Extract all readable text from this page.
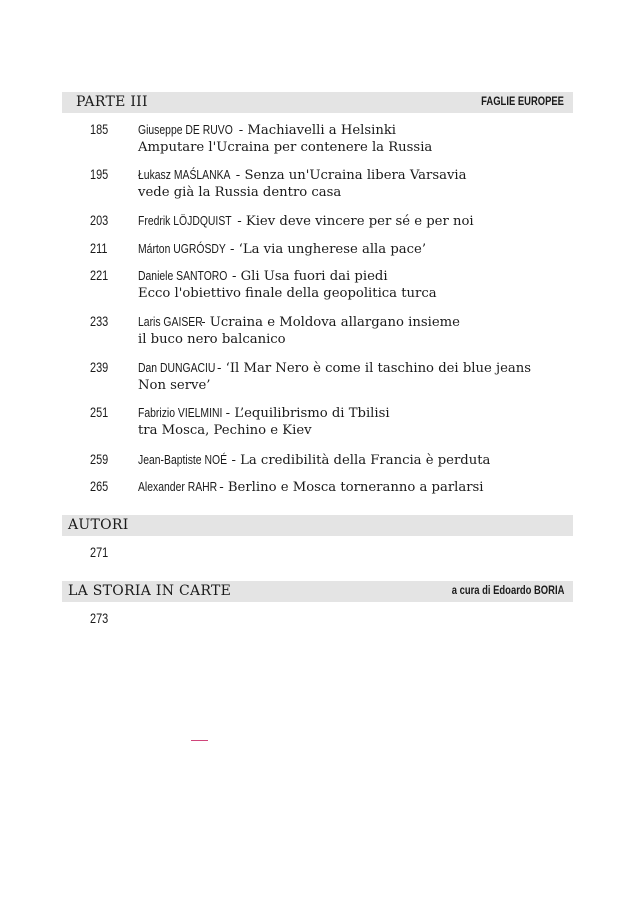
PARTE III	FAGLIE EUROPEE
185 Giuseppe DE RUVO - Machiavelli a Helsinki
Amputare l'Ucraina per contenere la Russia
195 Łukasz MAŚLANKA - Senza un'Ucraina libera Varsavia
vede già la Russia dentro casa
203 Fredrik LÖJDQUIST - Kiev deve vincere per sé e per noi
211 Márton UGRÓSDY - ‘La via ungherese alla pace’
221 Daniele SANTORO - Gli Usa fuori dai piedi
Ecco l'obiettivo finale della geopolitica turca
233 Laris GAISER - Ucraina e Moldova allargano insieme
il buco nero balcanico
239 Dan DUNGACIU - ‘Il Mar Nero è come il taschino dei blue jeans
Non serve’
251 Fabrizio VIELMINI - L’equilibrismo di Tbilisi
tra Mosca, Pechino e Kiev
259 Jean-Baptiste NOÉ - La credibilità della Francia è perduta
265 Alexander RAHR - Berlino e Mosca torneranno a parlarsi
AUTORI
271
LA STORIA IN CARTE	a cura di Edoardo BORIA
273
